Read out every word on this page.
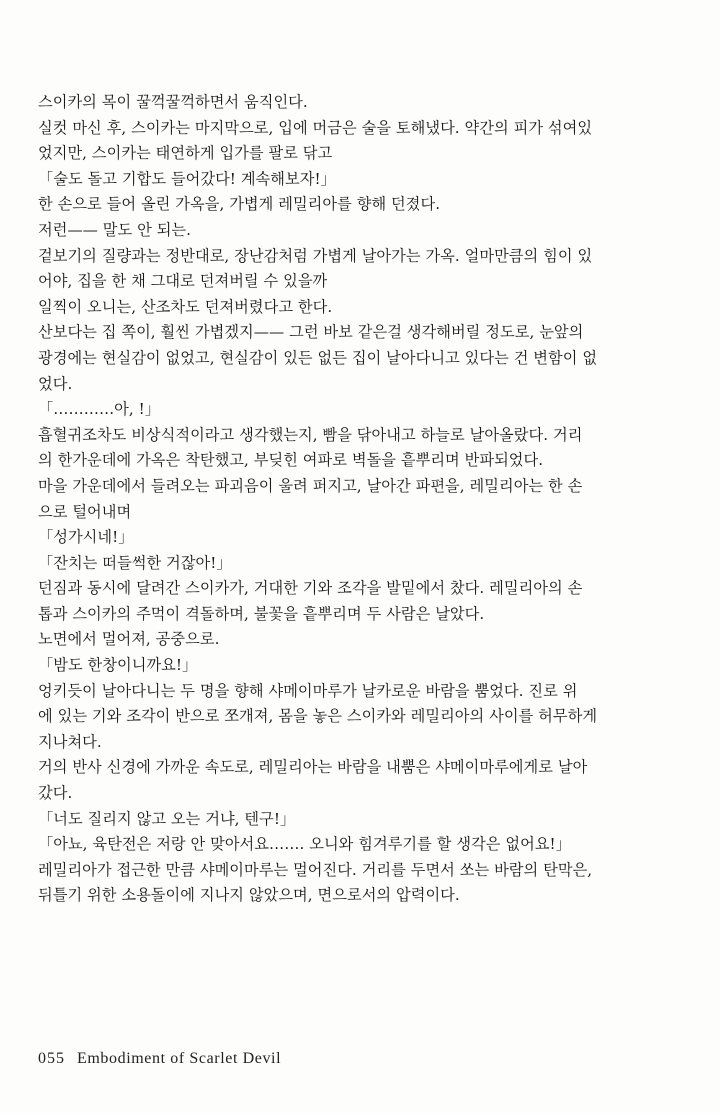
스이카의 목이 꿀꺽꿀꺽하면서 움직인다.
실컷 마신 후, 스이카는 마지막으로, 입에 머금은 술을 토해냈다. 약간의 피가 섞여있
었지만, 스이카는 태연하게 입가를 팔로 닦고
「술도 돌고 기합도 들어갔다! 계속해보자!」
한 손으로 들어 올린 가옥을, 가볍게 레밀리아를 향해 던졌다.
저런—— 말도 안 되는.
겉보기의 질량과는 정반대로, 장난감처럼 가볍게 날아가는 가옥. 얼마만큼의 힘이 있
어야, 집을 한 채 그대로 던져버릴 수 있을까
일찍이 오니는, 산조차도 던져버렸다고 한다.
산보다는 집 쪽이, 훨씬 가볍겠지—— 그런 바보 같은걸 생각해버릴 정도로, 눈앞의
광경에는 현실감이 없었고, 현실감이 있든 없든 집이 날아다니고 있다는 건 변함이 없
었다.
「…………아, !」
흡혈귀조차도 비상식적이라고 생각했는지, 빰을 닦아내고 하늘로 날아올랐다. 거리
의 한가운데에 가옥은 착탄했고, 부딪힌 여파로 벽돌을 흩뿌리며 반파되었다.
마을 가운데에서 들려오는 파괴음이 울려 퍼지고, 날아간 파편을, 레밀리아는 한 손
으로 털어내며
「성가시네!」
「잔치는 떠들썩한 거잖아!」
던짐과 동시에 달려간 스이카가, 거대한 기와 조각을 발밑에서 찼다. 레밀리아의 손
톱과 스이카의 주먹이 격돌하며, 불꽃을 흩뿌리며 두 사람은 날았다.
노면에서 멀어져, 공중으로.
「밤도 한창이니까요!」
엉키듯이 날아다니는 두 명을 향해 샤메이마루가 날카로운 바람을 뿜었다. 진로 위
에 있는 기와 조각이 반으로 쪼개져, 몸을 놓은 스이카와 레밀리아의 사이를 허무하게
지나쳐다.
거의 반사 신경에 가까운 속도로, 레밀리아는 바람을 내뿜은 샤메이마루에게로 날아
갔다.
「너도 질리지 않고 오는 거냐, 텐구!」
「아뇨, 육탄전은 저랑 안 맞아서요……. 오니와 힘겨루기를 할 생각은 없어요!」
레밀리아가 접근한 만큼 샤메이마루는 멀어진다. 거리를 두면서 쏘는 바람의 탄막은,
뒤틀기 위한 소용돌이에 지나지 않았으며, 면으로서의 압력이다.
055 Embodiment of Scarlet Devil
